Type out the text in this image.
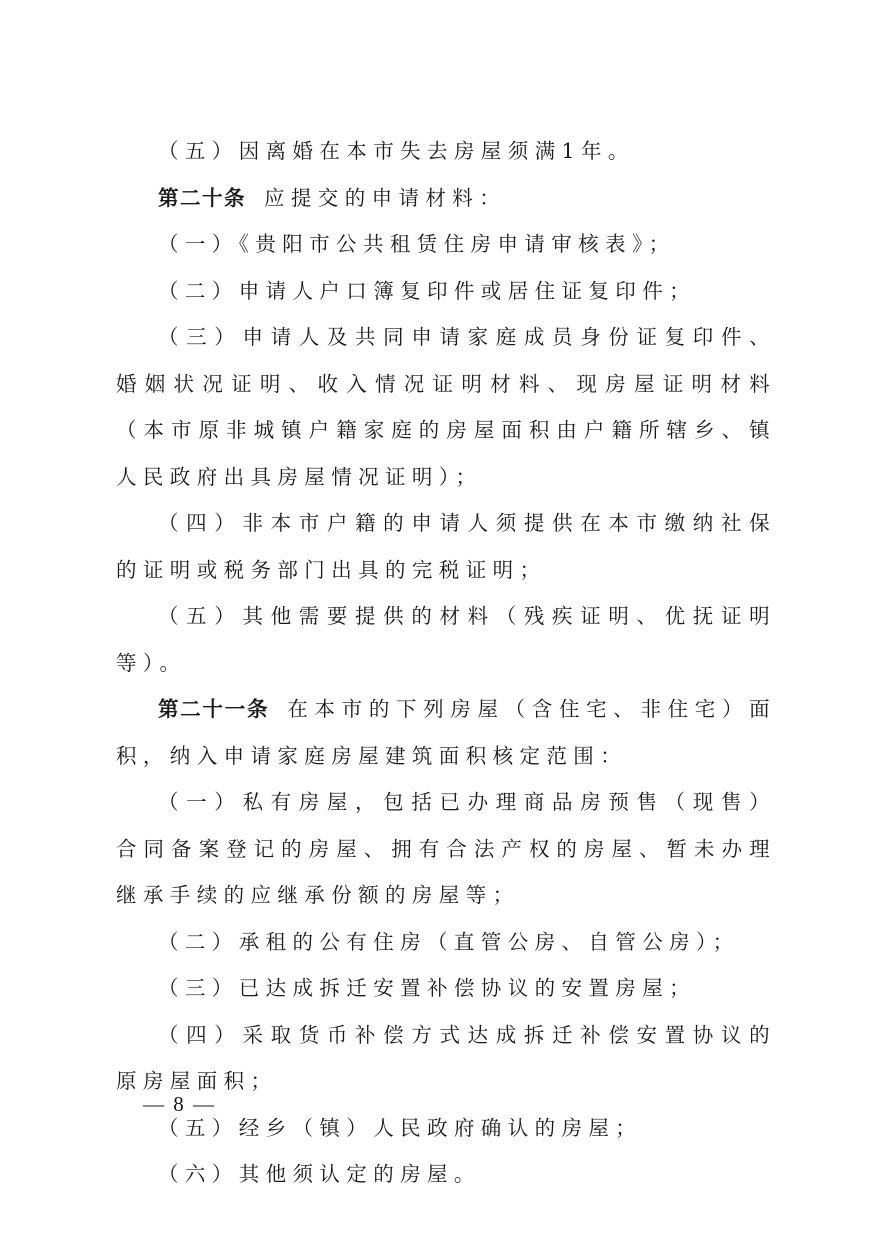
（五）因离婚在本市失去房屋须满1年。

第二十条 应提交的申请材料：

（一）《贵阳市公共租赁住房申请审核表》；

（二）申请人户口簿复印件或居住证复印件；

（三）申请人及共同申请家庭成员身份证复印件、婚姻状况证明、收入情况证明材料、现房屋证明材料（本市原非城镇户籍家庭的房屋面积由户籍所辖乡、镇人民政府出具房屋情况证明）；

（四）非本市户籍的申请人须提供在本市缴纳社保的证明或税务部门出具的完税证明；

（五）其他需要提供的材料（残疾证明、优抚证明等）。

第二十一条 在本市的下列房屋（含住宅、非住宅）面积，纳入申请家庭房屋建筑面积核定范围：

（一）私有房屋，包括已办理商品房预售（现售）合同备案登记的房屋、拥有合法产权的房屋、暂未办理继承手续的应继承份额的房屋等；

（二）承租的公有住房（直管公房、自管公房）；

（三）已达成拆迁安置补偿协议的安置房屋；

（四）采取货币补偿方式达成拆迁补偿安置协议的原房屋面积；

（五）经乡（镇）人民政府确认的房屋；

（六）其他须认定的房屋。

— 8 —
